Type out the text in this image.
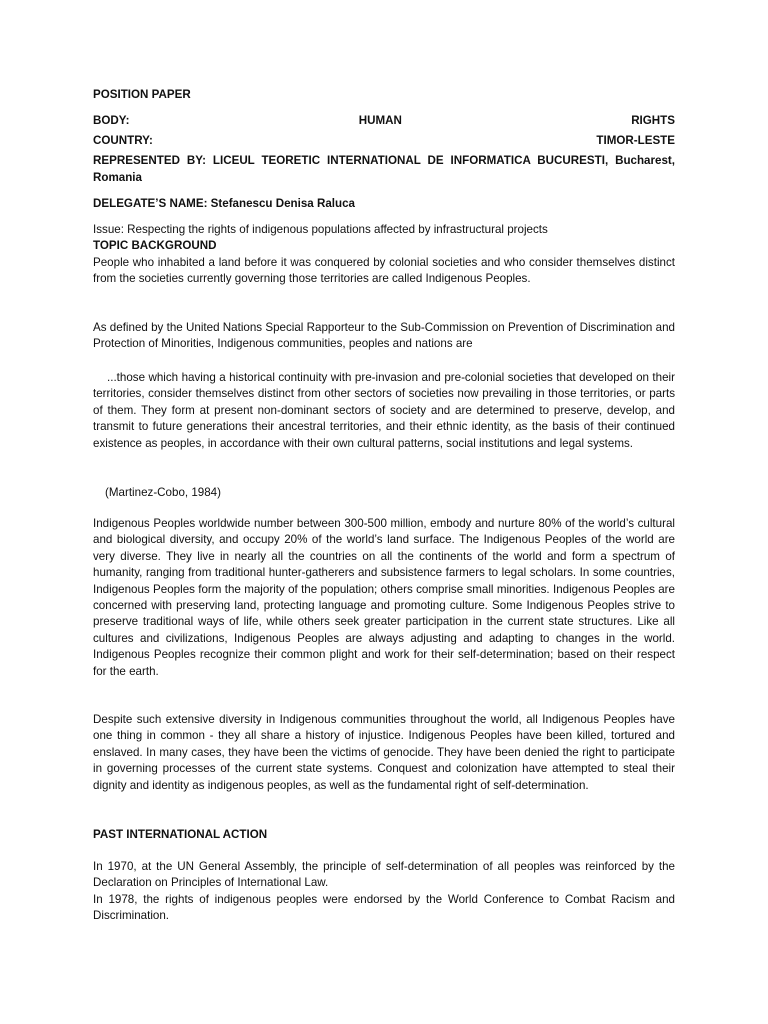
POSITION PAPER

BODY:	HUMAN	RIGHTS
COUNTRY:	TIMOR-LESTE

REPRESENTED BY: LICEUL TEORETIC INTERNATIONAL DE INFORMATICA BUCURESTI, Bucharest,

Romania

DELEGATE’S NAME: Stefanescu Denisa Raluca

Issue: Respecting the rights of indigenous populations affected by infrastructural projects

TOPIC BACKGROUND

People who inhabited a land before it was conquered by colonial societies and who consider themselves distinct from the societies currently governing those territories are called Indigenous Peoples.

As defined by the United Nations Special Rapporteur to the Sub-Commission on Prevention of Discrimination and Protection of Minorities, Indigenous communities, peoples and nations are

...those which having a historical continuity with pre-invasion and pre-colonial societies that developed on their territories, consider themselves distinct from other sectors of societies now prevailing in those territories, or parts of them. They form at present non-dominant sectors of society and are determined to preserve, develop, and transmit to future generations their ancestral territories, and their ethnic identity, as the basis of their continued existence as peoples, in accordance with their own cultural patterns, social institutions and legal systems.

(Martinez-Cobo, 1984)

Indigenous Peoples worldwide number between 300-500 million, embody and nurture 80% of the world’s cultural and biological diversity, and occupy 20% of the world’s land surface. The Indigenous Peoples of the world are very diverse. They live in nearly all the countries on all the continents of the world and form a spectrum of humanity, ranging from traditional hunter-gatherers and subsistence farmers to legal scholars. In some countries, Indigenous Peoples form the majority of the population; others comprise small minorities. Indigenous Peoples are concerned with preserving land, protecting language and promoting culture. Some Indigenous Peoples strive to preserve traditional ways of life, while others seek greater participation in the current state structures. Like all cultures and civilizations, Indigenous Peoples are always adjusting and adapting to changes in the world. Indigenous Peoples recognize their common plight and work for their self-determination; based on their respect for the earth.

Despite such extensive diversity in Indigenous communities throughout the world, all Indigenous Peoples have one thing in common - they all share a history of injustice. Indigenous Peoples have been killed, tortured and enslaved. In many cases, they have been the victims of genocide. They have been denied the right to participate in governing processes of the current state systems. Conquest and colonization have attempted to steal their dignity and identity as indigenous peoples, as well as the fundamental right of self-determination.

PAST INTERNATIONAL ACTION

In 1970, at the UN General Assembly, the principle of self-determination of all peoples was reinforced by the Declaration on Principles of International Law.

In 1978, the rights of indigenous peoples were endorsed by the World Conference to Combat Racism and Discrimination.
